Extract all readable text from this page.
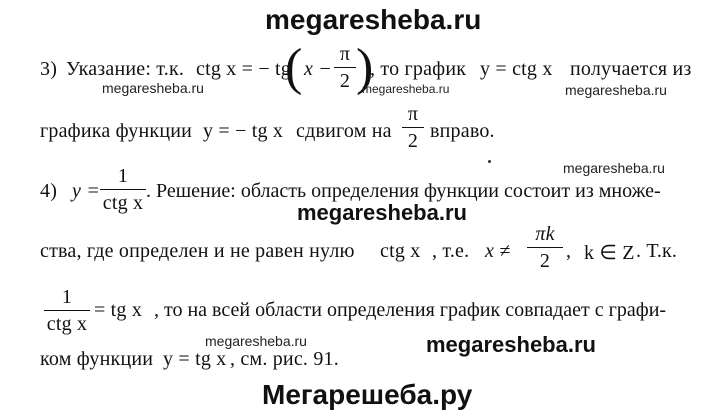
megaresheba.ru
3) Указание: т.к. ctg x = − tg
( x −
π
2 )
, то график y = ctg x получается из
megaresheba.ru	megaresheba.ru	megaresheba.ru
графика функции y = − tg x сдвигом на
π
2 вправо.
megaresheba.ru
4) y =
1
ctg x
. Решение: область определения функции состоит из множе-
megaresheba.ru
ства, где определен и не равен нулю ctg x , т.е. x ≠
πk
2 , k ∈ Z . Т.к.
1
ctg x
= tg x , то на всей области определения график совпадает с графи-
megaresheba.ru	megaresheba.ru
ком функции y = tg x , см. рис. 91.
Мегарешеба.ру
